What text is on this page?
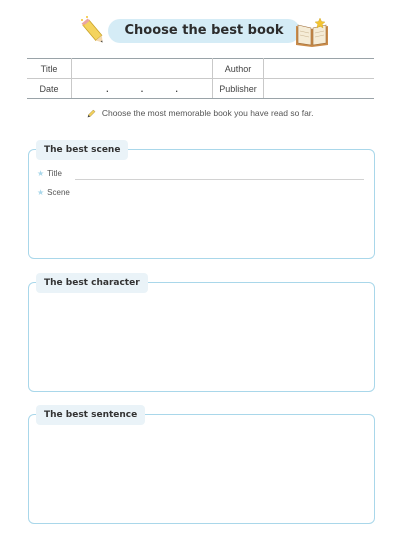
Choose the best book
Title		Author	
Date	. . .	Publisher	
Choose the most memorable book you have read so far.
The best scene
★ Title
★ Scene
The best character
The best sentence
